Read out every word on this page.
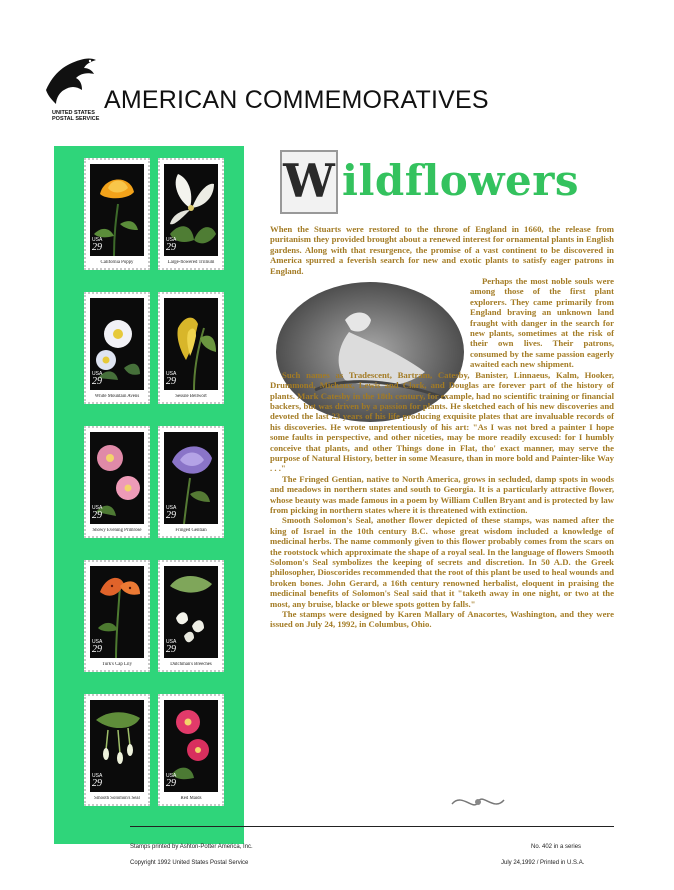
UNITED STATES
POSTAL SERVICE
AMERICAN COMMEMORATIVES
USA
29
California Poppy
USA
29
Large-flowered Trillium
USA
29
White Mountain Avens
USA
29
Sessile Bellwort
USA
29
Showy Evening Primrose
USA
29
Fringed Gentian
USA
29
Turk's Cap Lily
USA
29
Dutchman's Breeches
USA
29
Smooth Solomon's Seal
USA
29
Red Maids
W ildflowers

When the Stuarts were restored to the throne of England in 1660, the release from puritanism they provided brought about a renewed interest for ornamental plants in English gardens. Along with that resurgence, the promise of a vast continent to be discovered in America spurred a feverish search for new and exotic plants to satisfy eager patrons in England.

Perhaps the most noble souls were among those of the first plant explorers. They came primarily from England braving an unknown land fraught with danger in the search for new plants, sometimes at the risk of their own lives. Their patrons, consumed by the same passion eagerly awaited each new shipment.

Such names as Tradescent, Bartram, Catesby, Banister, Linnaeus, Kalm, Hooker, Drummond, Michaux, Lewis and Clark, and Douglas are forever part of the history of plants. Mark Catesby in the 18th century, for example, had no scientific training or financial backers, but was driven by a passion for plants. He sketched each of his new discoveries and devoted the last 23 years of his life producing exquisite plates that are invaluable records of his discoveries. He wrote unpretentiously of his art: "As I was not bred a painter I hope some faults in perspective, and other niceties, may be more readily excused: for I humbly conceive that plants, and other Things done in Flat, tho' exact manner, may serve the purpose of Natural History, better in some Measure, than in more bold and Painter-like Way . . ."

The Fringed Gentian, native to North America, grows in secluded, damp spots in woods and meadows in northern states and south to Georgia. It is a particularly attractive flower, whose beauty was made famous in a poem by William Cullen Bryant and is protected by law from picking in northern states where it is threatened with extinction.

Smooth Solomon's Seal, another flower depicted of these stamps, was named after the king of Israel in the 10th century B.C. whose great wisdom included a knowledge of medicinal herbs. The name commonly given to this flower probably comes from the scars on the rootstock which approximate the shape of a royal seal. In the language of flowers Smooth Solomon's Seal symbolizes the keeping of secrets and discretion. In 50 A.D. the Greek philosopher, Dioscorides recommended that the root of this plant be used to heal wounds and broken bones. John Gerard, a 16th century renowned herbalist, eloquent in praising the medicinal benefits of Solomon's Seal said that it "taketh away in one night, or two at the most, any bruise, blacke or blewe spots gotten by falls."

The stamps were designed by Karen Mallary of Anacortes, Washington, and they were issued on July 24, 1992, in Columbus, Ohio.

Stamps printed by Ashton-Potter America, Inc.	No. 402 in a series
Copyright 1992 United States Postal Service	July 24,1992 / Printed in U.S.A.
